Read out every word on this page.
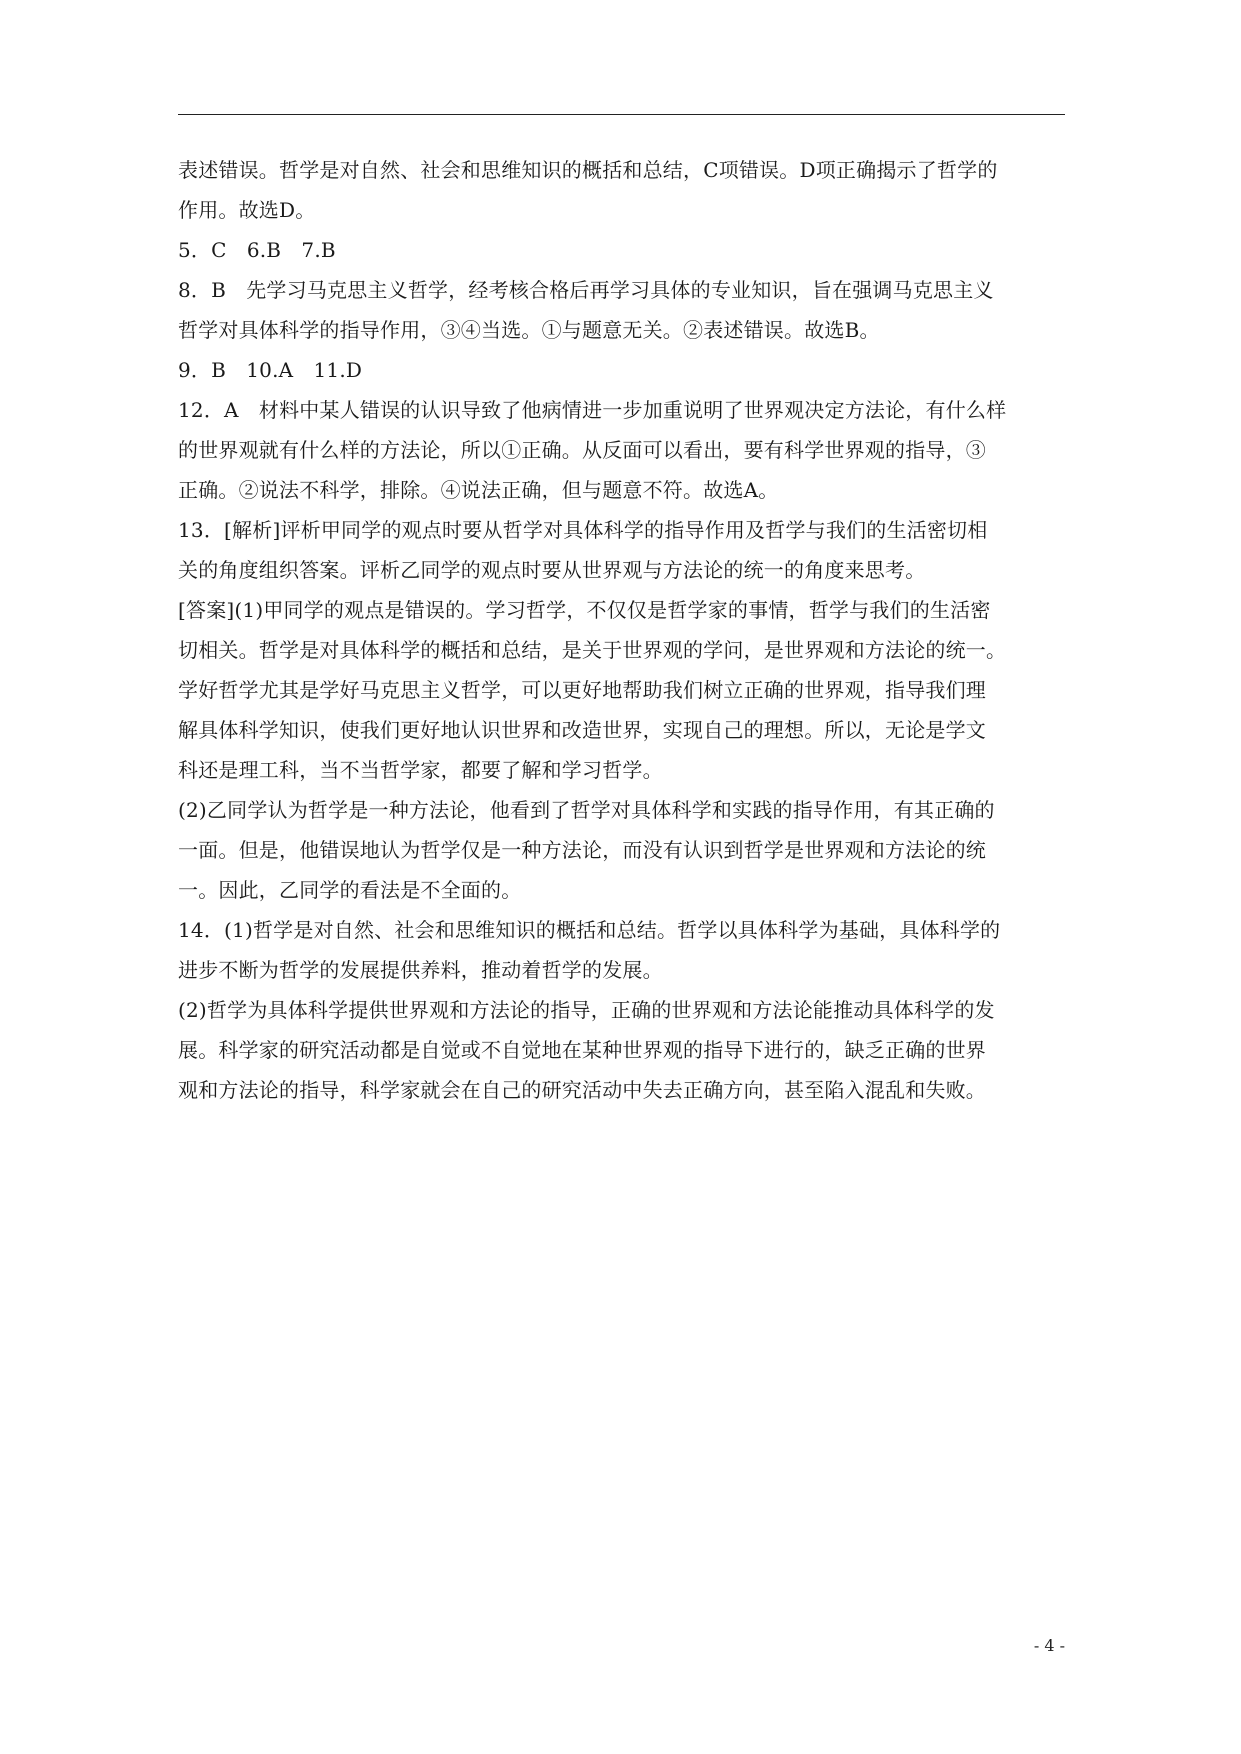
表述错误。哲学是对自然、社会和思维知识的概括和总结，C项错误。D项正确揭示了哲学的
作用。故选D。
5．C　6.B　7.B
8．B　先学习马克思主义哲学，经考核合格后再学习具体的专业知识，旨在强调马克思主义
哲学对具体科学的指导作用，③④当选。①与题意无关。②表述错误。故选B。
9．B　10.A　11.D
12．A　材料中某人错误的认识导致了他病情进一步加重说明了世界观决定方法论，有什么样
的世界观就有什么样的方法论，所以①正确。从反面可以看出，要有科学世界观的指导，③
正确。②说法不科学，排除。④说法正确，但与题意不符。故选A。
13．[解析]评析甲同学的观点时要从哲学对具体科学的指导作用及哲学与我们的生活密切相
关的角度组织答案。评析乙同学的观点时要从世界观与方法论的统一的角度来思考。
[答案](1)甲同学的观点是错误的。学习哲学，不仅仅是哲学家的事情，哲学与我们的生活密
切相关。哲学是对具体科学的概括和总结，是关于世界观的学问，是世界观和方法论的统一。
学好哲学尤其是学好马克思主义哲学，可以更好地帮助我们树立正确的世界观，指导我们理
解具体科学知识，使我们更好地认识世界和改造世界，实现自己的理想。所以，无论是学文
科还是理工科，当不当哲学家，都要了解和学习哲学。
(2)乙同学认为哲学是一种方法论，他看到了哲学对具体科学和实践的指导作用，有其正确的
一面。但是，他错误地认为哲学仅是一种方法论，而没有认识到哲学是世界观和方法论的统
一。因此，乙同学的看法是不全面的。
14．(1)哲学是对自然、社会和思维知识的概括和总结。哲学以具体科学为基础，具体科学的
进步不断为哲学的发展提供养料，推动着哲学的发展。
(2)哲学为具体科学提供世界观和方法论的指导，正确的世界观和方法论能推动具体科学的发
展。科学家的研究活动都是自觉或不自觉地在某种世界观的指导下进行的，缺乏正确的世界
观和方法论的指导，科学家就会在自己的研究活动中失去正确方向，甚至陷入混乱和失败。
- 4 -
